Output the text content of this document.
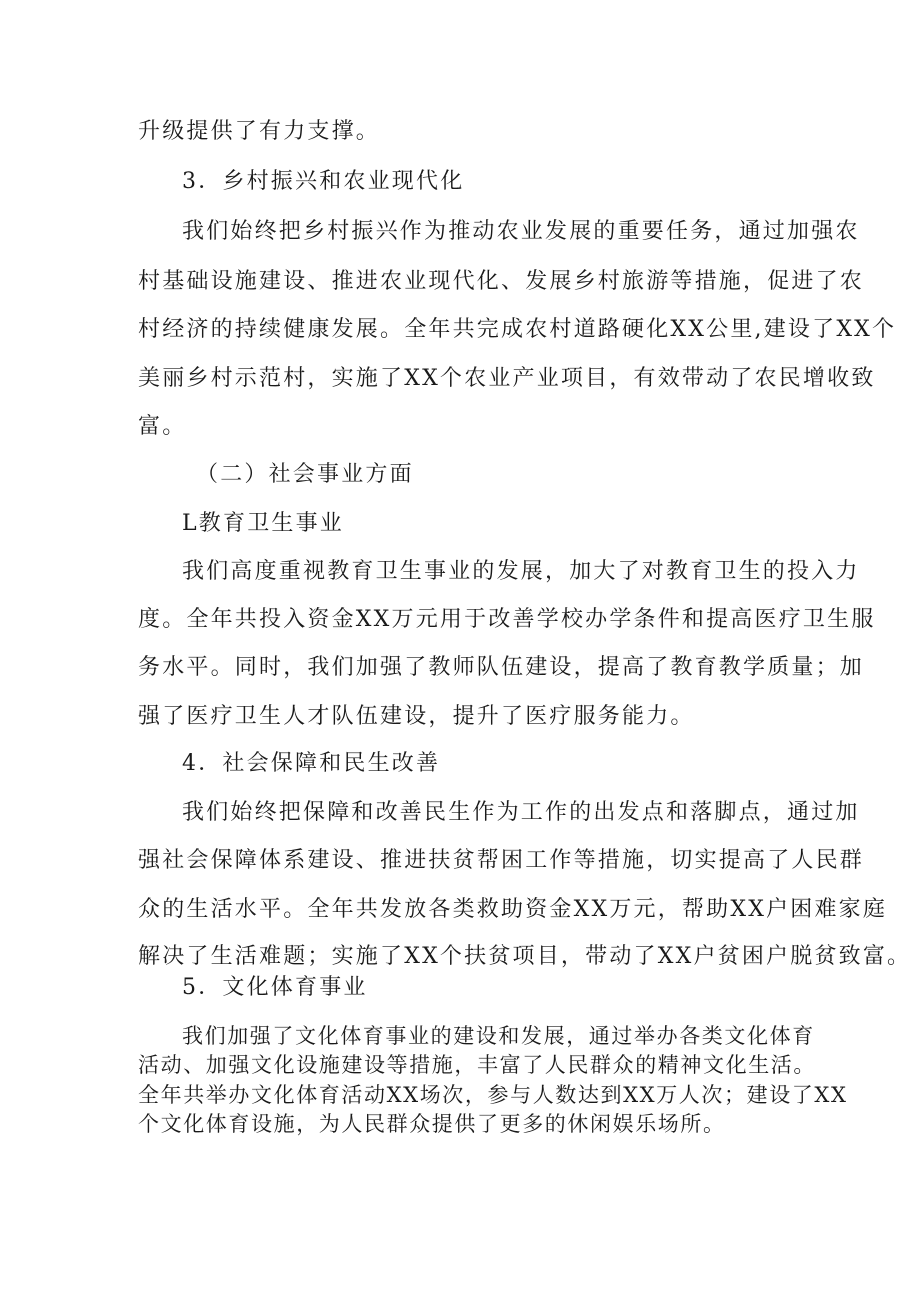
升级提供了有力支撑。
3．乡村振兴和农业现代化
我们始终把乡村振兴作为推动农业发展的重要任务，通过加强农
村基础设施建设、推进农业现代化、发展乡村旅游等措施，促进了农
村经济的持续健康发展。全年共完成农村道路硬化XX公里,建设了XX个
美丽乡村示范村，实施了XX个农业产业项目，有效带动了农民增收致
富。
（二）社会事业方面
L教育卫生事业
我们高度重视教育卫生事业的发展，加大了对教育卫生的投入力
度。全年共投入资金XX万元用于改善学校办学条件和提高医疗卫生服
务水平。同时，我们加强了教师队伍建设，提高了教育教学质量；加
强了医疗卫生人才队伍建设，提升了医疗服务能力。
4．社会保障和民生改善
我们始终把保障和改善民生作为工作的出发点和落脚点，通过加
强社会保障体系建设、推进扶贫帮困工作等措施，切实提高了人民群
众的生活水平。全年共发放各类救助资金XX万元，帮助XX户困难家庭
解决了生活难题；实施了XX个扶贫项目，带动了XX户贫困户脱贫致富。
5．文化体育事业
我们加强了文化体育事业的建设和发展，通过举办各类文化体育
活动、加强文化设施建设等措施，丰富了人民群众的精神文化生活。
全年共举办文化体育活动XX场次，参与人数达到XX万人次；建设了XX
个文化体育设施，为人民群众提供了更多的休闲娱乐场所。
